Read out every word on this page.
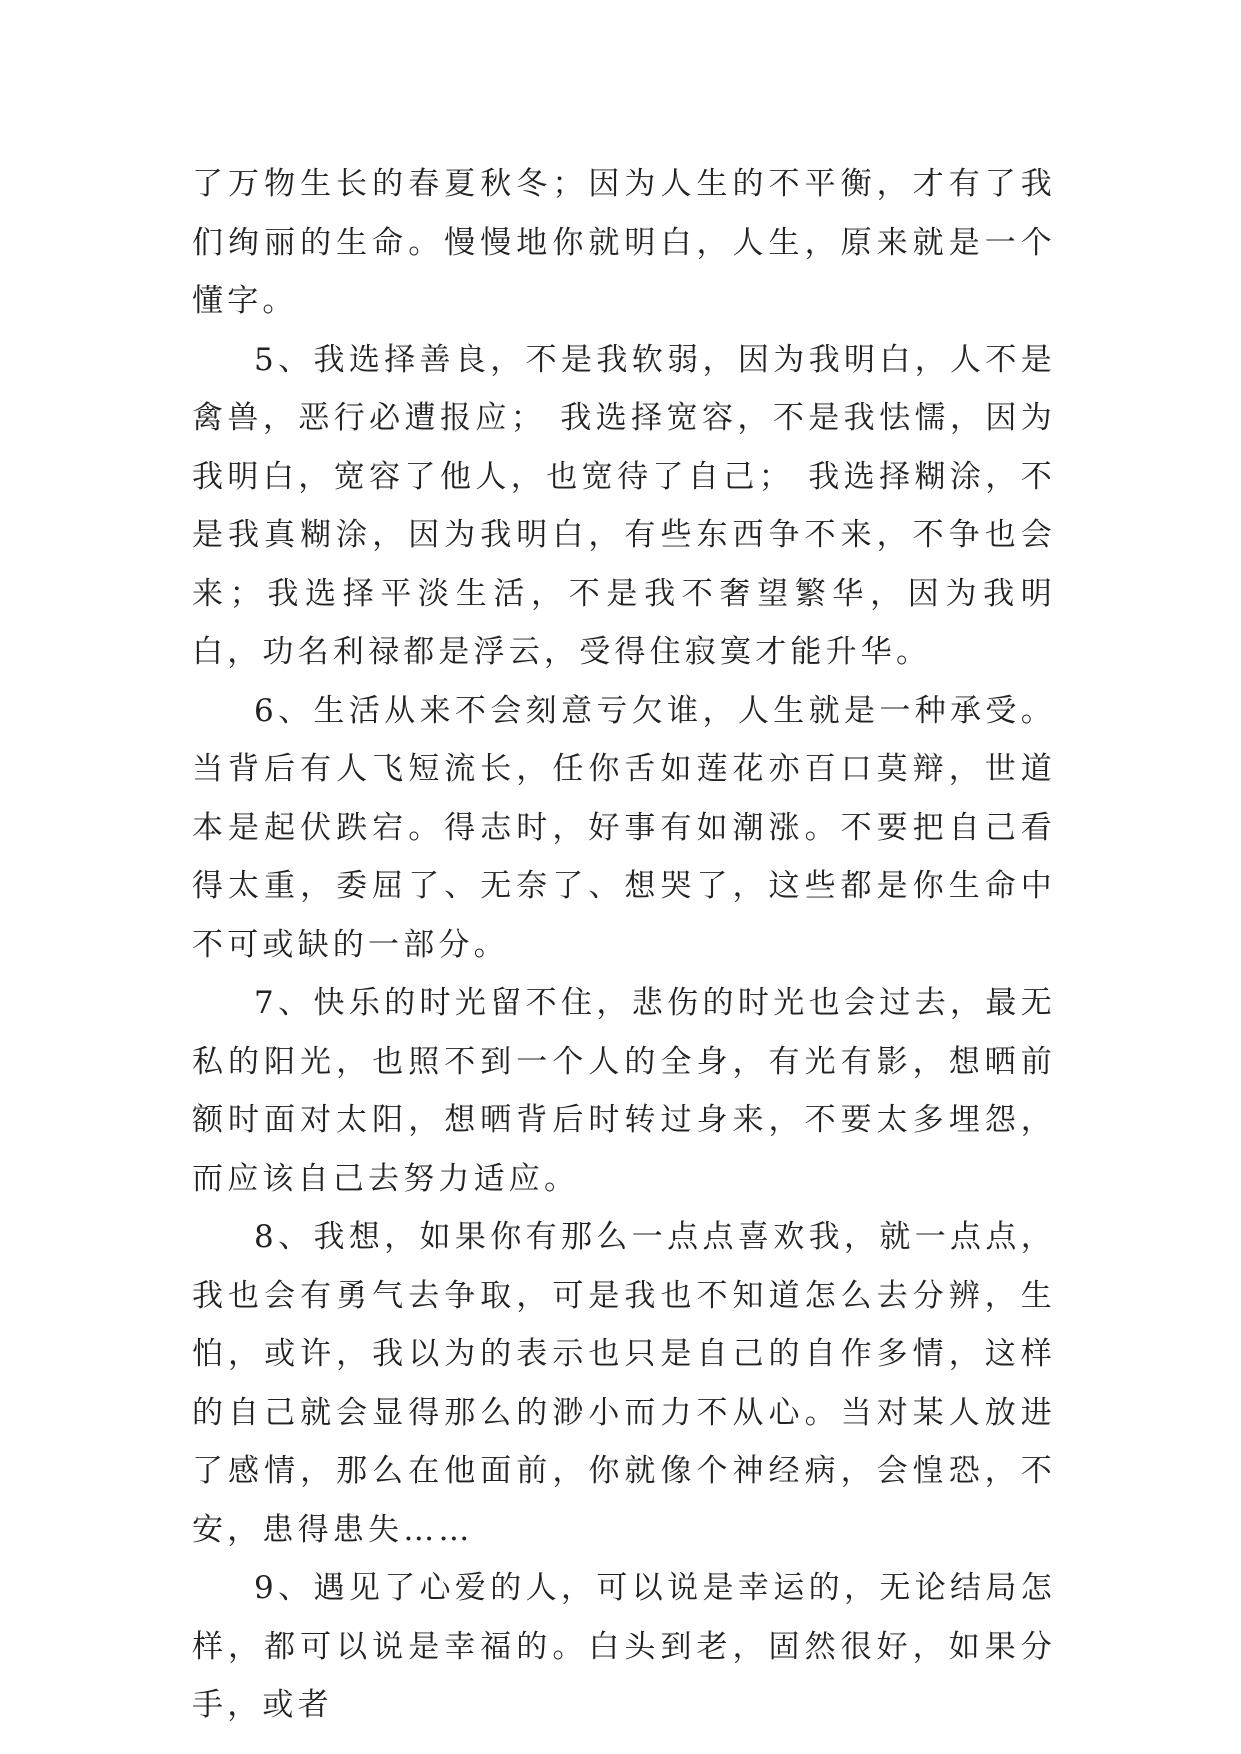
了万物生长的春夏秋冬；因为人生的不平衡，才有了我们绚丽的生命。慢慢地你就明白，人生，原来就是一个懂字。

5、我选择善良，不是我软弱，因为我明白，人不是禽兽，恶行必遭报应； 我选择宽容，不是我怯懦，因为我明白，宽容了他人，也宽待了自己； 我选择糊涂，不是我真糊涂，因为我明白，有些东西争不来，不争也会来；我选择平淡生活，不是我不奢望繁华，因为我明白，功名利禄都是浮云，受得住寂寞才能升华。

6、生活从来不会刻意亏欠谁，人生就是一种承受。当背后有人飞短流长，任你舌如莲花亦百口莫辩，世道本是起伏跌宕。得志时，好事有如潮涨。不要把自己看得太重，委屈了、无奈了、想哭了，这些都是你生命中不可或缺的一部分。

7、快乐的时光留不住，悲伤的时光也会过去，最无私的阳光，也照不到一个人的全身，有光有影，想晒前额时面对太阳，想晒背后时转过身来，不要太多埋怨，而应该自己去努力适应。

8、我想，如果你有那么一点点喜欢我，就一点点，我也会有勇气去争取，可是我也不知道怎么去分辨，生怕，或许，我以为的表示也只是自己的自作多情，这样的自己就会显得那么的渺小而力不从心。当对某人放进了感情，那么在他面前，你就像个神经病，会惶恐，不安，患得患失……

9、遇见了心爱的人，可以说是幸运的，无论结局怎样，都可以说是幸福的。白头到老，固然很好，如果分手，或者
